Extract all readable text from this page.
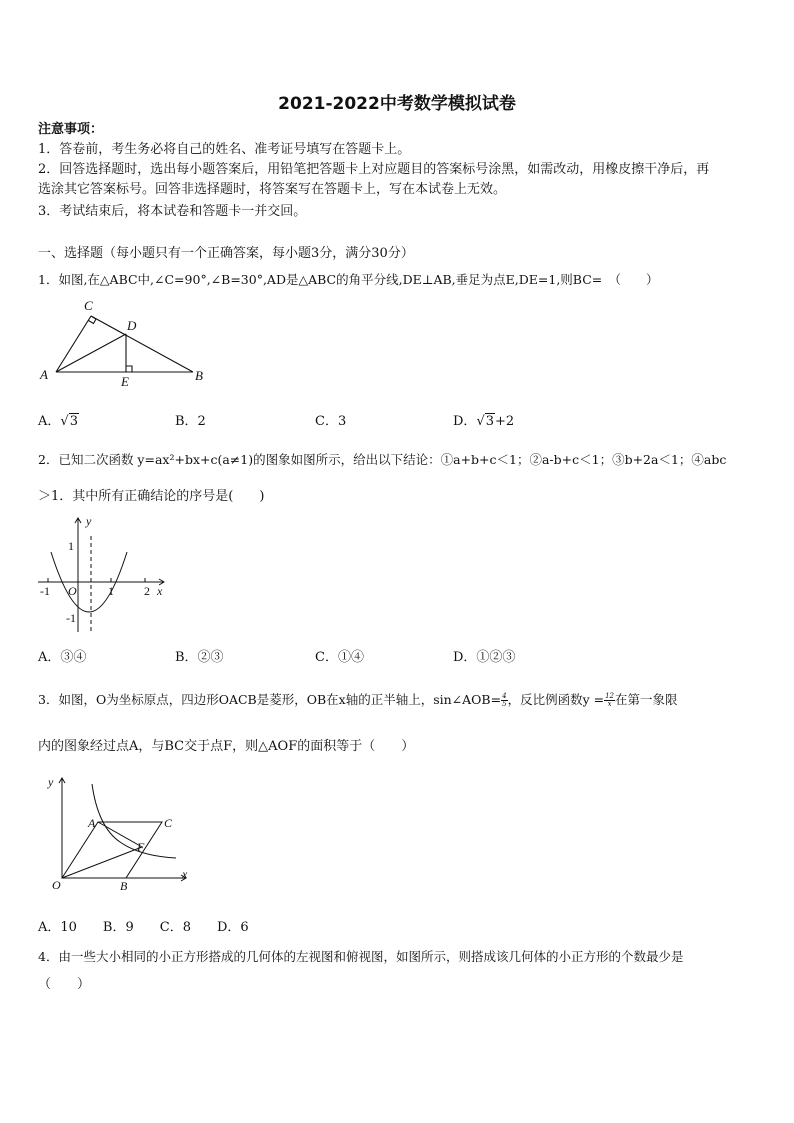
2021-2022中考数学模拟试卷
注意事项：
1．答卷前，考生务必将自己的姓名、准考证号填写在答题卡上。
2．回答选择题时，选出每小题答案后，用铅笔把答题卡上对应题目的答案标号涂黑，如需改动，用橡皮擦干净后，再
选涂其它答案标号。回答非选择题时，将答案写在答题卡上，写在本试卷上无效。
3．考试结束后，将本试卷和答题卡一并交回。
一、选择题（每小题只有一个正确答案，每小题3分，满分30分）
1．如图,在△ABC中,∠C=90°,∠B=30°,AD是△ABC的角平分线,DE⊥AB,垂足为点E,DE=1,则BC=　（　　）
A	B
C
D
E
A．√3	B．2	C．3	D．√3+2
2．已知二次函数 y=ax²+bx+c(a≠1)的图象如图所示，给出以下结论：①a+b+c＜1；②a-b+c＜1；③b+2a＜1；④abc
＞1．其中所有正确结论的序号是(　　)
y
x
1
-1
-1 O	1	2
A．③④	B．②③	C．①④	D．①②③
3．如图，O为坐标原点，四边形OACB是菱形，OB在x轴的正半轴上，sin∠AOB= $\frac{4}{5}$ ，反比例函数$y = \frac{12}{x}$ 在第一象限
内的图象经过点A，与BC交于点F，则△AOF的面积等于（　　）
y
x
A	C
F
O	B
A．10　　B．9　　C．8　　D．6
4．由一些大小相同的小正方形搭成的几何体的左视图和俯视图，如图所示，则搭成该几何体的小正方形的个数最少是
（　　）
